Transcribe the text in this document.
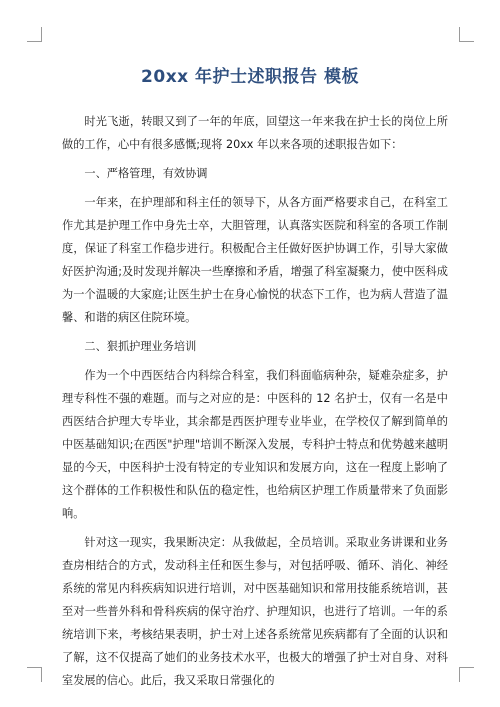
20xx 年护士述职报告 模板

时光飞逝，转眼又到了一年的年底，回望这一年来我在护士长的岗位上所做的工作，心中有很多感慨;现将 20xx 年以来各项的述职报告如下：

一、严格管理，有效协调

一年来，在护理部和科主任的领导下，从各方面严格要求自己，在科室工作尤其是护理工作中身先士卒，大胆管理，认真落实医院和科室的各项工作制度，保证了科室工作稳步进行。积极配合主任做好医护协调工作，引导大家做好医护沟通;及时发现并解决一些摩擦和矛盾，增强了科室凝聚力，使中医科成为一个温暖的大家庭;让医生护士在身心愉悦的状态下工作，也为病人营造了温馨、和谐的病区住院环境。

二、狠抓护理业务培训

作为一个中西医结合内科综合科室，我们科面临病种杂，疑难杂症多，护理专科性不强的难题。而与之对应的是：中医科的 12 名护士，仅有一名是中西医结合护理大专毕业，其余都是西医护理专业毕业，在学校仅了解到简单的中医基础知识;在西医"护理"培训不断深入发展，专科护士特点和优势越来越明显的今天，中医科护士没有特定的专业知识和发展方向，这在一程度上影响了这个群体的工作积极性和队伍的稳定性，也给病区护理工作质量带来了负面影响。

针对这一现实，我果断决定：从我做起，全员培训。采取业务讲课和业务查房相结合的方式，发动科主任和医生参与，对包括呼吸、循环、消化、神经系统的常见内科疾病知识进行培训，对中医基础知识和常用技能系统培训，甚至对一些普外科和骨科疾病的保守治疗、护理知识，也进行了培训。一年的系统培训下来，考核结果表明，护士对上述各系统常见疾病都有了全面的认识和了解，这不仅提高了她们的业务技术水平，也极大的增强了护士对自身、对科室发展的信心。此后，我又采取日常强化的
